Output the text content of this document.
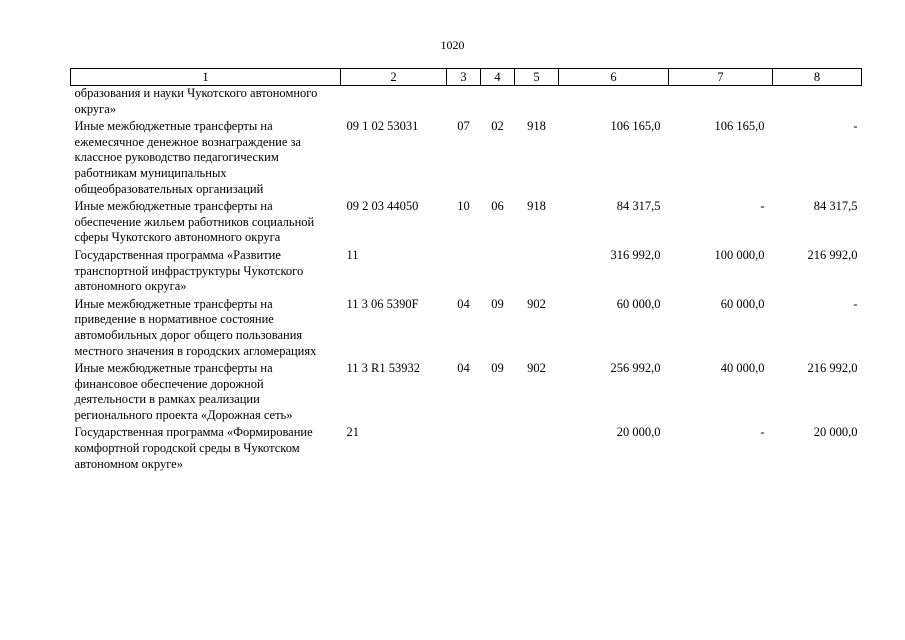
1020
1	2	3	4	5	6	7	8
образования и науки Чукотского автономного округа»							
Иные межбюджетные трансферты на ежемесячное денежное вознаграждение за классное руководство педагогическим работникам муниципальных общеобразовательных организаций	09 1 02 53031	07	02	918	106 165,0	106 165,0	-
Иные межбюджетные трансферты на обеспечение жильем работников социальной сферы Чукотского автономного округа	09 2 03 44050	10	06	918	84 317,5	-	84 317,5
Государственная программа «Развитие транспортной инфраструктуры Чукотского автономного округа»	11				316 992,0	100 000,0	216 992,0
Иные межбюджетные трансферты на приведение в нормативное состояние автомобильных дорог общего пользования местного значения в городских агломерациях	11 3 06 5390F	04	09	902	60 000,0	60 000,0	-
Иные межбюджетные трансферты на финансовое обеспечение дорожной деятельности в рамках реализации регионального проекта «Дорожная сеть»	11 3 R1 53932	04	09	902	256 992,0	40 000,0	216 992,0
Государственная программа «Формирование комфортной городской среды в Чукотском автономном округе»	21				20 000,0	-	20 000,0
